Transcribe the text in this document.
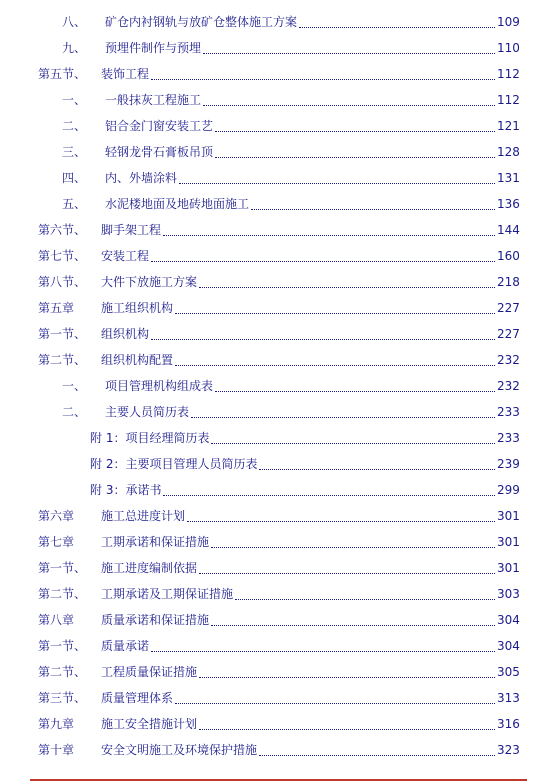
八、	矿仓内衬钢轨与放矿仓整体施工方案	109
九、	预埋件制作与预埋	110
第五节、	装饰工程	112
一、	一般抹灰工程施工	112
二、	铝合金门窗安装工艺	121
三、	轻钢龙骨石膏板吊顶	128
四、	内、外墙涂料	131
五、	水泥楼地面及地砖地面施工	136
第六节、	脚手架工程	144
第七节、	安装工程	160
第八节、	大件下放施工方案	218
第五章	施工组织机构	227
第一节、	组织机构	227
第二节、	组织机构配置	232
一、	项目管理机构组成表	232
二、	主要人员简历表	233
附 1： 项目经理简历表	233
附 2： 主要项目管理人员简历表	239
附 3： 承诺书	299
第六章	施工总进度计划	301
第七章	工期承诺和保证措施	301
第一节、	施工进度编制依据	301
第二节、	工期承诺及工期保证措施	303
第八章	质量承诺和保证措施	304
第一节、	质量承诺	304
第二节、	工程质量保证措施	305
第三节、	质量管理体系	313
第九章	施工安全措施计划	316
第十章	安全文明施工及环境保护措施	323
